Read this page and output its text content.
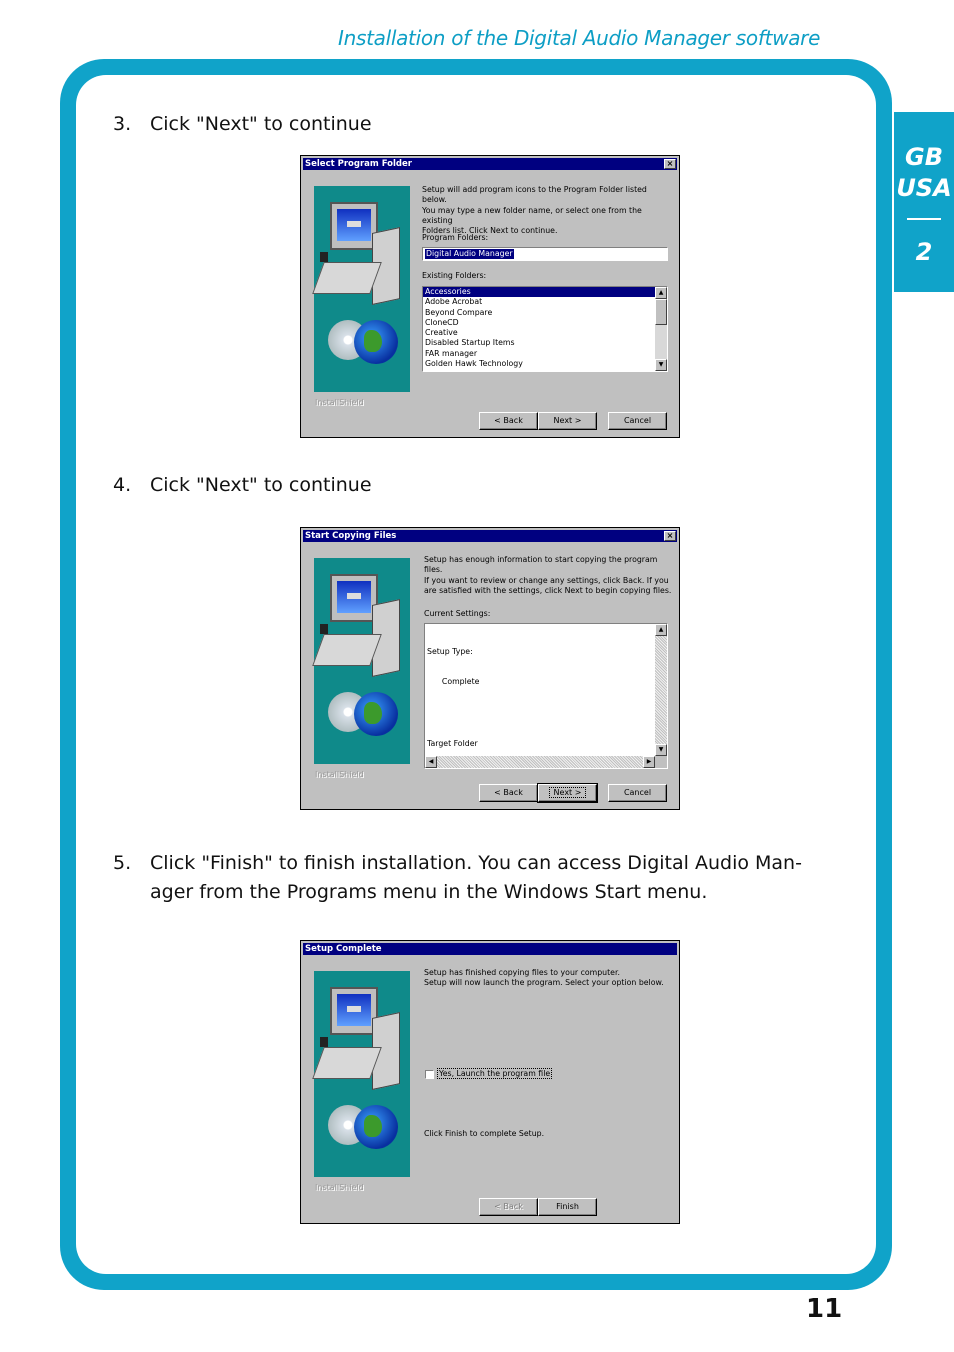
Installation of the Digital Audio Manager software
GB
USA
2
3. Cick "Next" to continue
Select Program Folder	×
InstallShield
Setup will add program icons to the Program Folder listed below.
You may type a new folder name, or select one from the existing
Folders list. Click Next to continue.
Program Folders:
Digital Audio Manager
Existing Folders:
Accessories
Adobe Acrobat
Beyond Compare
CloneCD
Creative
Disabled Startup Items
FAR manager
Golden Hawk Technology
▲
▼
< Back	Next >	Cancel
4. Cick "Next" to continue
Start Copying Files	×
InstallShield
Setup has enough information to start copying the program files.
If you want to review or change any settings, click Back. If you
are satisfied with the settings, click Next to begin copying files.
Current Settings:

Setup Type:

Complete

Target Folder

▲
▼
◀	▶
< Back	Next >	Cancel
5. Click "Finish" to finish installation. You can access Digital Audio Man-
ager from the Programs menu in the Windows Start menu.
Setup Complete
InstallShield
Setup has finished copying files to your computer.
Setup will now launch the program. Select your option below.
Yes, Launch the program file
Click Finish to complete Setup.
< Back	Finish
11
